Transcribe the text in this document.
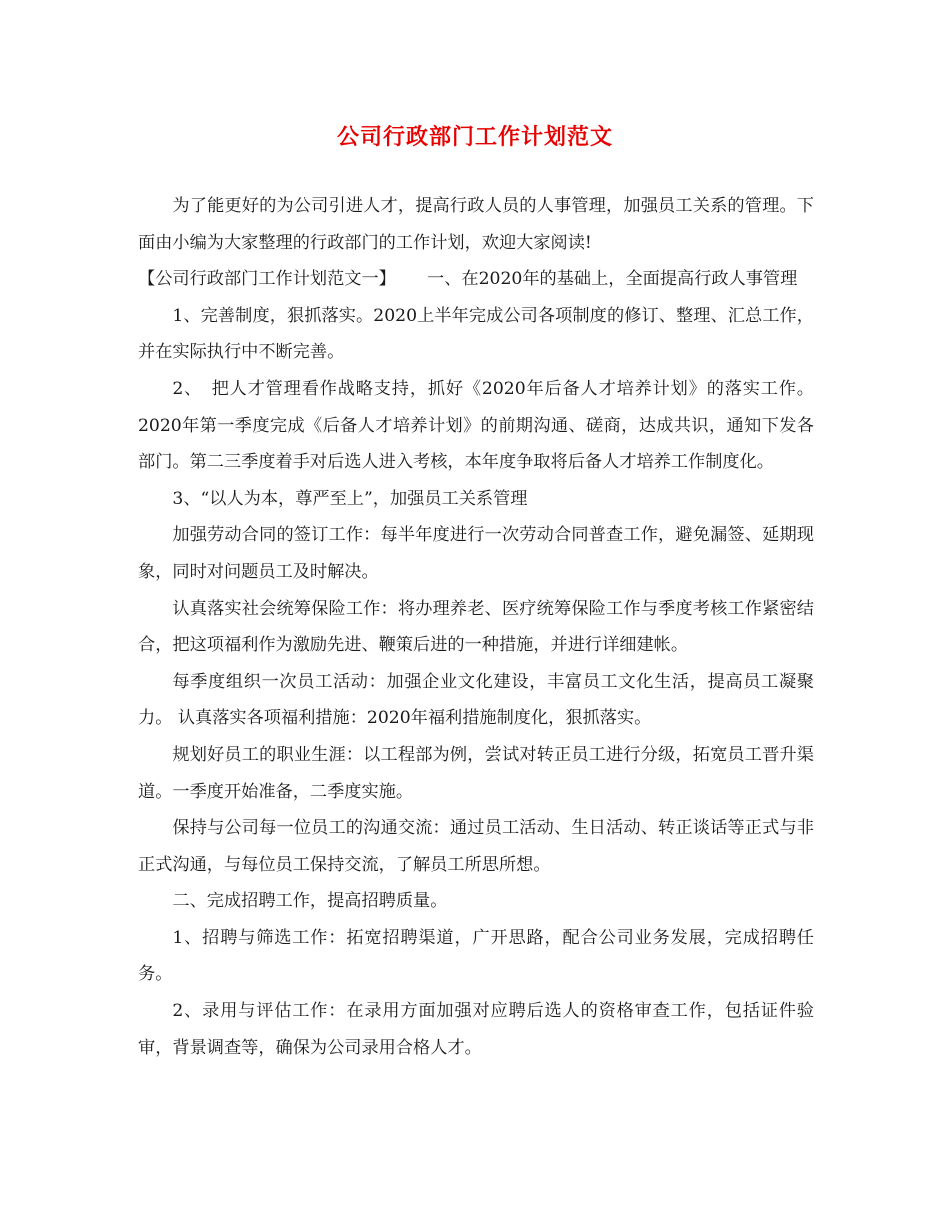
公司行政部门工作计划范文

为了能更好的为公司引进人才，提高行政人员的人事管理，加强员工关系的管理。下面由小编为大家整理的行政部门的工作计划，欢迎大家阅读!

【公司行政部门工作计划范文一】　　 一、在2020年的基础上，全面提高行政人事管理

1、完善制度，狠抓落实。2020上半年完成公司各项制度的修订、整理、汇总工作，并在实际执行中不断完善。

2、　把人才管理看作战略支持，抓好《2020年后备人才培养计划》的落实工作。2020年第一季度完成《后备人才培养计划》的前期沟通、磋商，达成共识，通知下发各部门。第二三季度着手对后选人进入考核，本年度争取将后备人才培养工作制度化。

3、“以人为本，尊严至上”，加强员工关系管理

加强劳动合同的签订工作：每半年度进行一次劳动合同普查工作，避免漏签、延期现象，同时对问题员工及时解决。

认真落实社会统筹保险工作：将办理养老、医疗统筹保险工作与季度考核工作紧密结合，把这项福利作为激励先进、鞭策后进的一种措施，并进行详细建帐。

每季度组织一次员工活动：加强企业文化建设，丰富员工文化生活，提高员工凝聚力。 认真落实各项福利措施：2020年福利措施制度化，狠抓落实。

规划好员工的职业生涯：以工程部为例，尝试对转正员工进行分级，拓宽员工晋升渠道。一季度开始准备，二季度实施。

保持与公司每一位员工的沟通交流：通过员工活动、生日活动、转正谈话等正式与非正式沟通，与每位员工保持交流，了解员工所思所想。

二、完成招聘工作，提高招聘质量。

1、招聘与筛选工作：拓宽招聘渠道，广开思路，配合公司业务发展，完成招聘任务。

2、录用与评估工作：在录用方面加强对应聘后选人的资格审查工作，包括证件验审，背景调查等，确保为公司录用合格人才。
